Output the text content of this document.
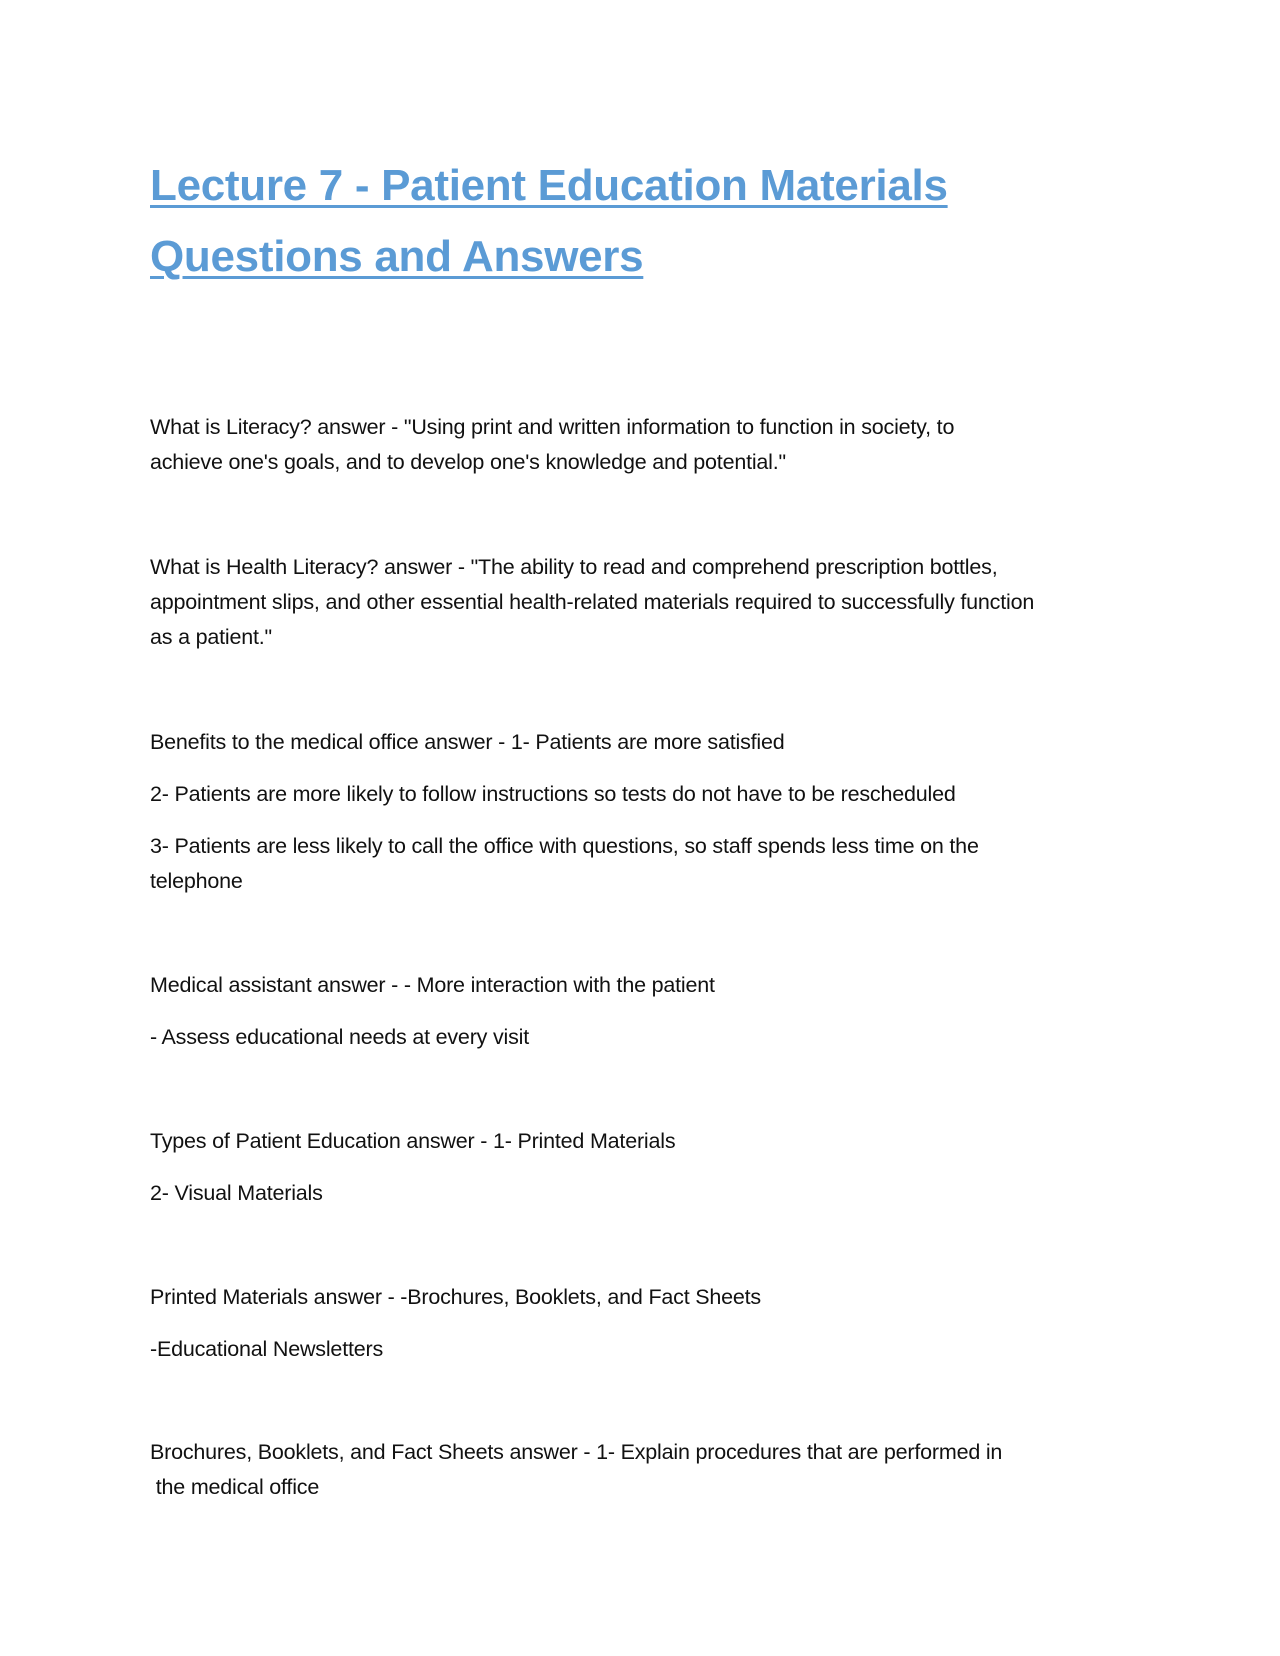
Lecture 7 - Patient Education Materials
Questions and Answers

What is Literacy? answer - "Using print and written information to function in society, to

achieve one's goals, and to develop one's knowledge and potential."

What is Health Literacy? answer - "The ability to read and comprehend prescription bottles,

appointment slips, and other essential health-related materials required to successfully function

as a patient."

Benefits to the medical office answer - 1- Patients are more satisfied

2- Patients are more likely to follow instructions so tests do not have to be rescheduled

3- Patients are less likely to call the office with questions, so staff spends less time on the

telephone

Medical assistant answer - - More interaction with the patient

- Assess educational needs at every visit

Types of Patient Education answer - 1- Printed Materials

2- Visual Materials

Printed Materials answer - -Brochures, Booklets, and Fact Sheets

-Educational Newsletters

Brochures, Booklets, and Fact Sheets answer - 1- Explain procedures that are performed in

the medical office
